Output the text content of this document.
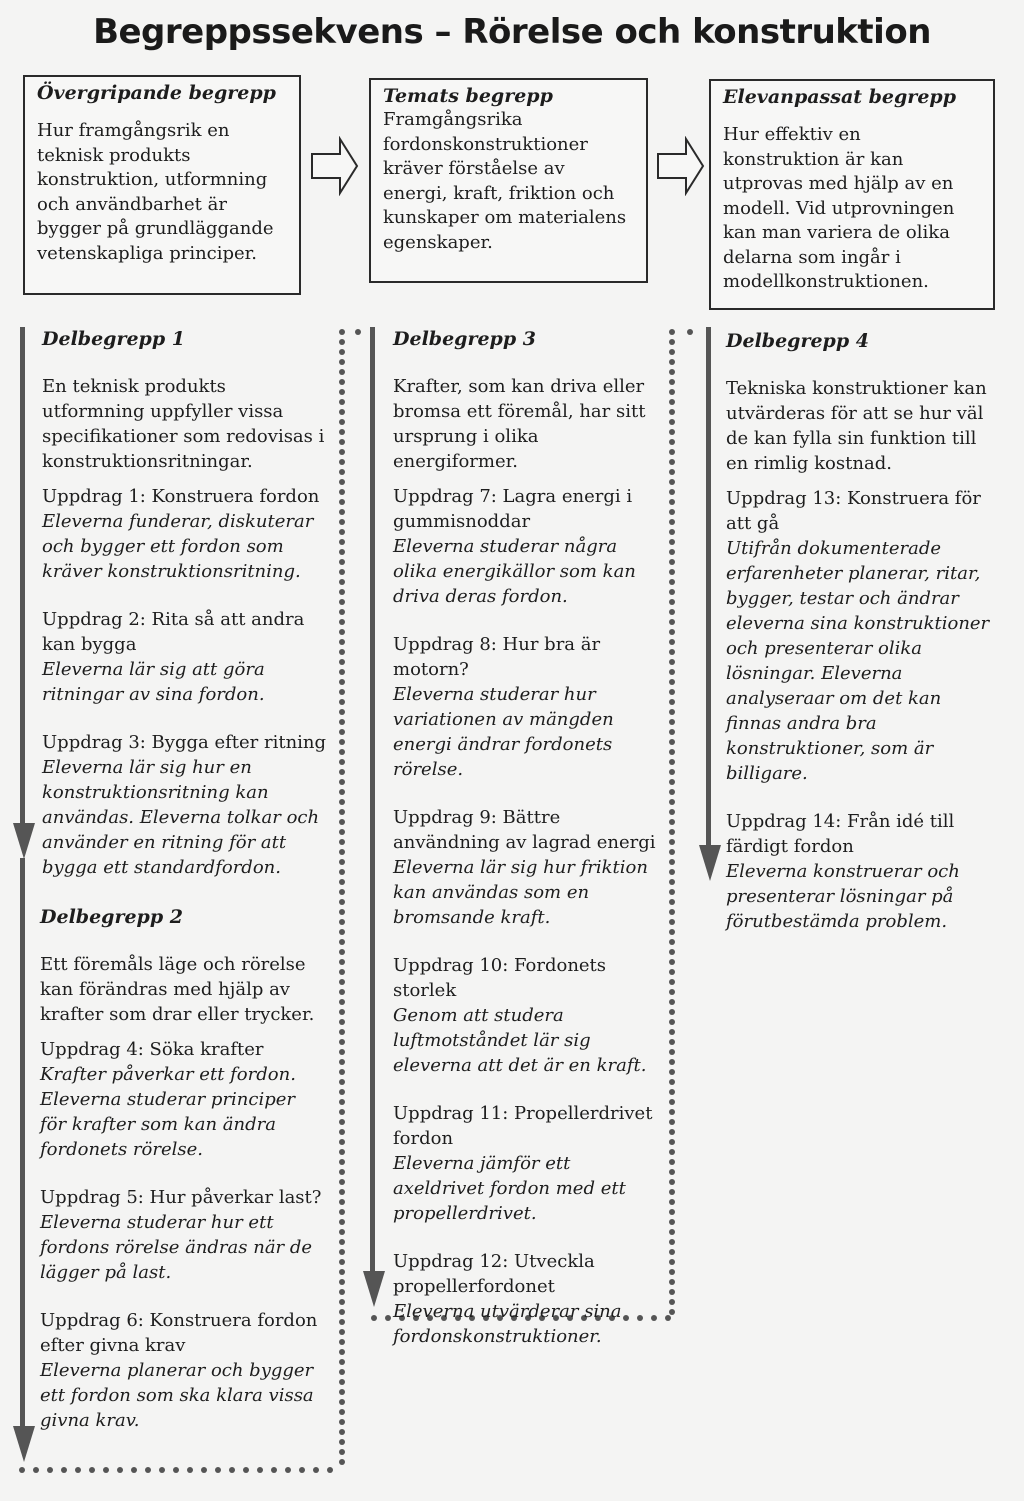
Begreppssekvens – Rörelse och konstruktion

Övergripande begrepp

Hur framgångsrik en teknisk produkts konstruktion, utformning och användbarhet är bygger på grundläggande vetenskapliga principer.

Temats begrepp

Framgångsrika fordonskonstruktioner kräver förståelse av energi, kraft, friktion och kunskaper om materialens egenskaper.

Elevanpassat begrepp

Hur effektiv en konstruktion är kan utprovas med hjälp av en modell. Vid utprovningen kan man variera de olika delarna som ingår i modellkonstruktionen.

Delbegrepp 1

En teknisk produkts utformning uppfyller vissa specifikationer som redovisas i konstruktionsritningar.

Uppdrag 1: Konstruera fordon

Eleverna funderar, diskuterar och bygger ett fordon som kräver konstruktionsritning.

Uppdrag 2: Rita så att andra kan bygga

Eleverna lär sig att göra ritningar av sina fordon.

Uppdrag 3: Bygga efter ritning

Eleverna lär sig hur en konstruktionsritning kan användas. Eleverna tolkar och använder en ritning för att bygga ett standardfordon.

Delbegrepp 2

Ett föremåls läge och rörelse kan förändras med hjälp av krafter som drar eller trycker.

Uppdrag 4: Söka krafter

Krafter påverkar ett fordon. Eleverna studerar principer för krafter som kan ändra fordonets rörelse.

Uppdrag 5: Hur påverkar last?

Eleverna studerar hur ett fordons rörelse ändras när de lägger på last.

Uppdrag 6: Konstruera fordon efter givna krav

Eleverna planerar och bygger ett fordon som ska klara vissa givna krav.

Delbegrepp 3

Krafter, som kan driva eller bromsa ett föremål, har sitt ursprung i olika energiformer.

Uppdrag 7: Lagra energi i gummisnoddar

Eleverna studerar några olika energikällor som kan driva deras fordon.

Uppdrag 8: Hur bra är motorn?

Eleverna studerar hur variationen av mängden energi ändrar fordonets rörelse.

Uppdrag 9: Bättre användning av lagrad energi

Eleverna lär sig hur friktion kan användas som en bromsande kraft.

Uppdrag 10: Fordonets storlek

Genom att studera luftmotståndet lär sig eleverna att det är en kraft.

Uppdrag 11: Propellerdrivet fordon

Eleverna jämför ett axeldrivet fordon med ett propellerdrivet.

Uppdrag 12: Utveckla propellerfordonet

Eleverna utvärderar sina fordonskonstruktioner.

Delbegrepp 4

Tekniska konstruktioner kan utvärderas för att se hur väl de kan fylla sin funktion till en rimlig kostnad.

Uppdrag 13: Konstruera för att gå

Utifrån dokumenterade erfarenheter planerar, ritar, bygger, testar och ändrar eleverna sina konstruktioner och presenterar olika lösningar. Eleverna analyseraar om det kan finnas andra bra konstruktioner, som är billigare.

Uppdrag 14: Från idé till färdigt fordon

Eleverna konstruerar och presenterar lösningar på förutbestämda problem.
